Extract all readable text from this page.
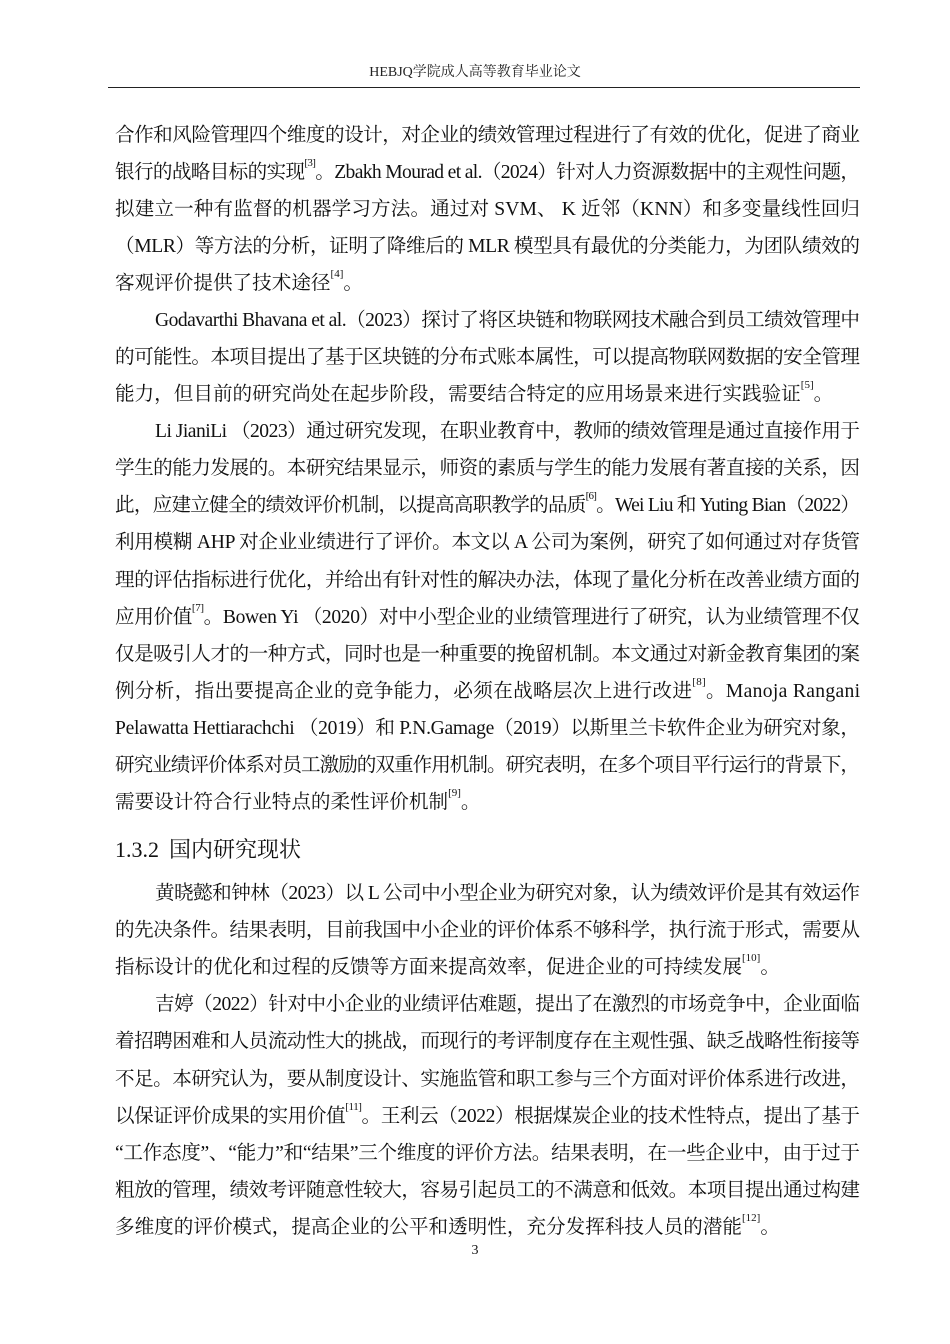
HEBJQ学院成人高等教育毕业论文
合作和风险管理四个维度的设计，对企业的绩效管理过程进行了有效的优化，促进了商业
银行的战略目标的实现[3]。Zbakh Mourad et al.（2024）针对人力资源数据中的主观性问题，
拟建立一种有监督的机器学习方法。通过对 SVM、 K 近邻（KNN）和多变量线性回归
（MLR）等方法的分析，证明了降维后的 MLR 模型具有最优的分类能力，为团队绩效的
客观评价提供了技术途径[4]。
Godavarthi Bhavana et al.（2023）探讨了将区块链和物联网技术融合到员工绩效管理中
的可能性。本项目提出了基于区块链的分布式账本属性，可以提高物联网数据的安全管理
能力，但目前的研究尚处在起步阶段，需要结合特定的应用场景来进行实践验证[5]。
Li JianiLi （2023）通过研究发现，在职业教育中，教师的绩效管理是通过直接作用于
学生的能力发展的。本研究结果显示，师资的素质与学生的能力发展有著直接的关系，因
此，应建立健全的绩效评价机制，以提高高职教学的品质[6]。Wei Liu 和 Yuting Bian（2022）
利用模糊 AHP 对企业业绩进行了评价。本文以 A 公司为案例，研究了如何通过对存货管
理的评估指标进行优化，并给出有针对性的解决办法，体现了量化分析在改善业绩方面的
应用价值[7]。Bowen Yi （2020）对中小型企业的业绩管理进行了研究，认为业绩管理不仅
仅是吸引人才的一种方式，同时也是一种重要的挽留机制。本文通过对新金教育集团的案
例分析，指出要提高企业的竞争能力，必须在战略层次上进行改进[8]。Manoja Rangani
Pelawatta Hettiarachchi （2019）和 P.N.Gamage（2019）以斯里兰卡软件企业为研究对象，
研究业绩评价体系对员工激励的双重作用机制。研究表明，在多个项目平行运行的背景下，
需要设计符合行业特点的柔性评价机制[9]。
黄晓懿和钟林（2023）以 L 公司中小型企业为研究对象，认为绩效评价是其有效运作
的先决条件。结果表明，目前我国中小企业的评价体系不够科学，执行流于形式，需要从
指标设计的优化和过程的反馈等方面来提高效率，促进企业的可持续发展[10]。
吉婷（2022）针对中小企业的业绩评估难题，提出了在激烈的市场竞争中，企业面临
着招聘困难和人员流动性大的挑战，而现行的考评制度存在主观性强、缺乏战略性衔接等
不足。本研究认为，要从制度设计、实施监管和职工参与三个方面对评价体系进行改进，
以保证评价成果的实用价值[11]。王利云（2022）根据煤炭企业的技术性特点，提出了基于
“工作态度”、“能力”和“结果”三个维度的评价方法。结果表明，在一些企业中，由于过于
粗放的管理，绩效考评随意性较大，容易引起员工的不满意和低效。本项目提出通过构建
多维度的评价模式，提高企业的公平和透明性，充分发挥科技人员的潜能[12]。
1.3.2 国内研究现状
3
